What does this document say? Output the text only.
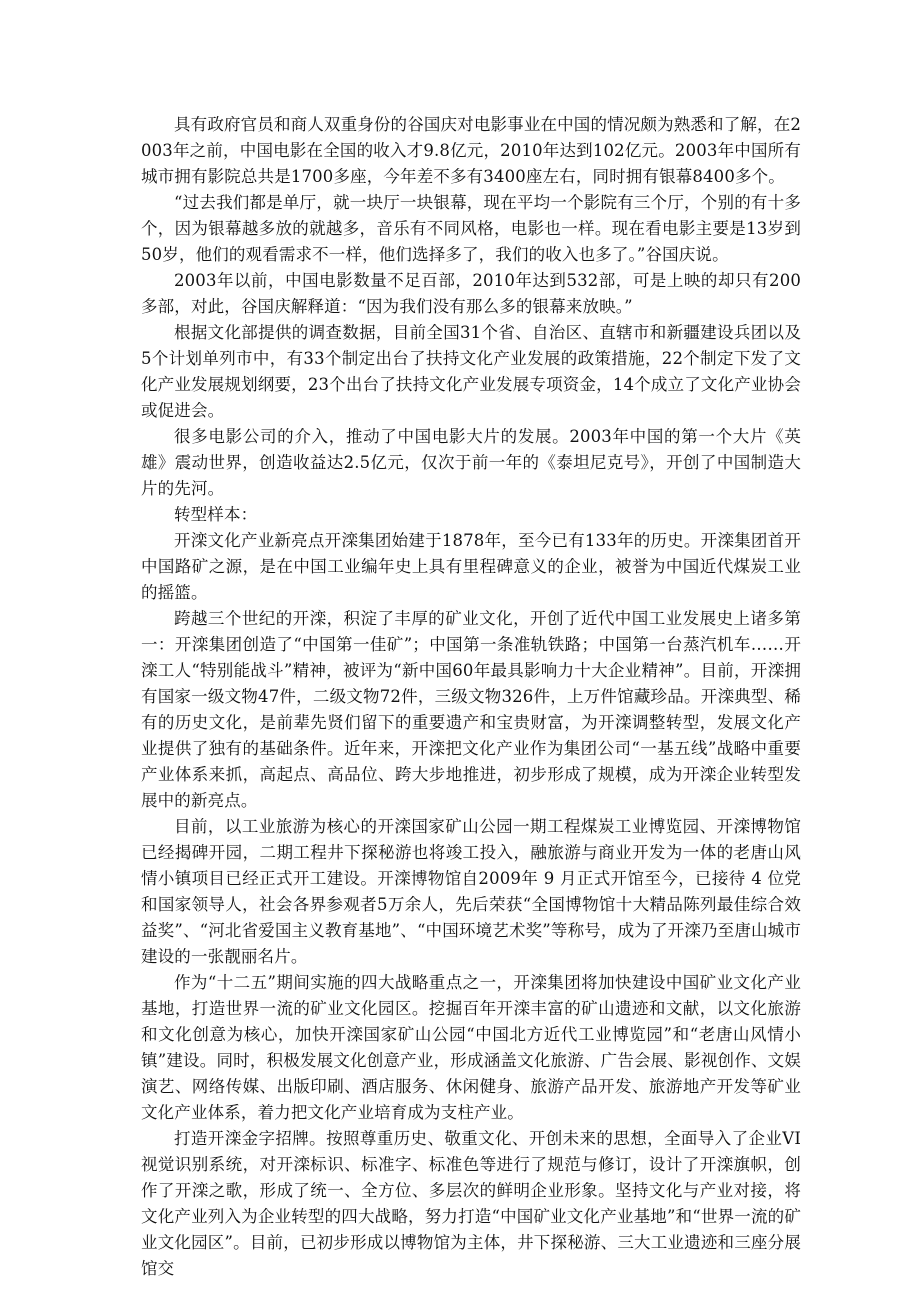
具有政府官员和商人双重身份的谷国庆对电影事业在中国的情况颇为熟悉和了解，在2003年之前，中国电影在全国的收入才9.8亿元，2010年达到102亿元。2003年中国所有城市拥有影院总共是1700多座，今年差不多有3400座左右，同时拥有银幕8400多个。

“过去我们都是单厅，就一块厅一块银幕，现在平均一个影院有三个厅，个别的有十多个，因为银幕越多放的就越多，音乐有不同风格，电影也一样。现在看电影主要是13岁到50岁，他们的观看需求不一样，他们选择多了，我们的收入也多了。”谷国庆说。

2003年以前，中国电影数量不足百部，2010年达到532部，可是上映的却只有200多部，对此，谷国庆解释道：“因为我们没有那么多的银幕来放映。”

根据文化部提供的调查数据，目前全国31个省、自治区、直辖市和新疆建设兵团以及5个计划单列市中，有33个制定出台了扶持文化产业发展的政策措施，22个制定下发了文化产业发展规划纲要，23个出台了扶持文化产业发展专项资金，14个成立了文化产业协会或促进会。

很多电影公司的介入，推动了中国电影大片的发展。2003年中国的第一个大片《英雄》震动世界，创造收益达2.5亿元，仅次于前一年的《泰坦尼克号》，开创了中国制造大片的先河。

转型样本：

开滦文化产业新亮点开滦集团始建于1878年，至今已有133年的历史。开滦集团首开中国路矿之源，是在中国工业编年史上具有里程碑意义的企业，被誉为中国近代煤炭工业的摇篮。

跨越三个世纪的开滦，积淀了丰厚的矿业文化，开创了近代中国工业发展史上诸多第一：开滦集团创造了“中国第一佳矿”；中国第一条准轨铁路；中国第一台蒸汽机车……开滦工人“特别能战斗”精神，被评为“新中国60年最具影响力十大企业精神”。目前，开滦拥有国家一级文物47件，二级文物72件，三级文物326件，上万件馆藏珍品。开滦典型、稀有的历史文化，是前辈先贤们留下的重要遗产和宝贵财富，为开滦调整转型，发展文化产业提供了独有的基础条件。近年来，开滦把文化产业作为集团公司“一基五线”战略中重要产业体系来抓，高起点、高品位、跨大步地推进，初步形成了规模，成为开滦企业转型发展中的新亮点。

目前，以工业旅游为核心的开滦国家矿山公园一期工程煤炭工业博览园、开滦博物馆已经揭碑开园，二期工程井下探秘游也将竣工投入，融旅游与商业开发为一体的老唐山风情小镇项目已经正式开工建设。开滦博物馆自2009年 9 月正式开馆至今，已接待 4 位党和国家领导人，社会各界参观者5万余人，先后荣获“全国博物馆十大精品陈列最佳综合效益奖”、“河北省爱国主义教育基地”、“中国环境艺术奖”等称号，成为了开滦乃至唐山城市建设的一张靓丽名片。

作为“十二五”期间实施的四大战略重点之一，开滦集团将加快建设中国矿业文化产业基地，打造世界一流的矿业文化园区。挖掘百年开滦丰富的矿山遗迹和文献，以文化旅游和文化创意为核心，加快开滦国家矿山公园“中国北方近代工业博览园”和“老唐山风情小镇”建设。同时，积极发展文化创意产业，形成涵盖文化旅游、广告会展、影视创作、文娱演艺、网络传媒、出版印刷、酒店服务、休闲健身、旅游产品开发、旅游地产开发等矿业文化产业体系，着力把文化产业培育成为支柱产业。

打造开滦金字招牌。按照尊重历史、敬重文化、开创未来的思想，全面导入了企业VI视觉识别系统，对开滦标识、标准字、标准色等进行了规范与修订，设计了开滦旗帜，创作了开滦之歌，形成了统一、全方位、多层次的鲜明企业形象。坚持文化与产业对接，将文化产业列入为企业转型的四大战略，努力打造“中国矿业文化产业基地”和“世界一流的矿业文化园区”。目前，已初步形成以博物馆为主体，井下探秘游、三大工业遗迹和三座分展馆交
